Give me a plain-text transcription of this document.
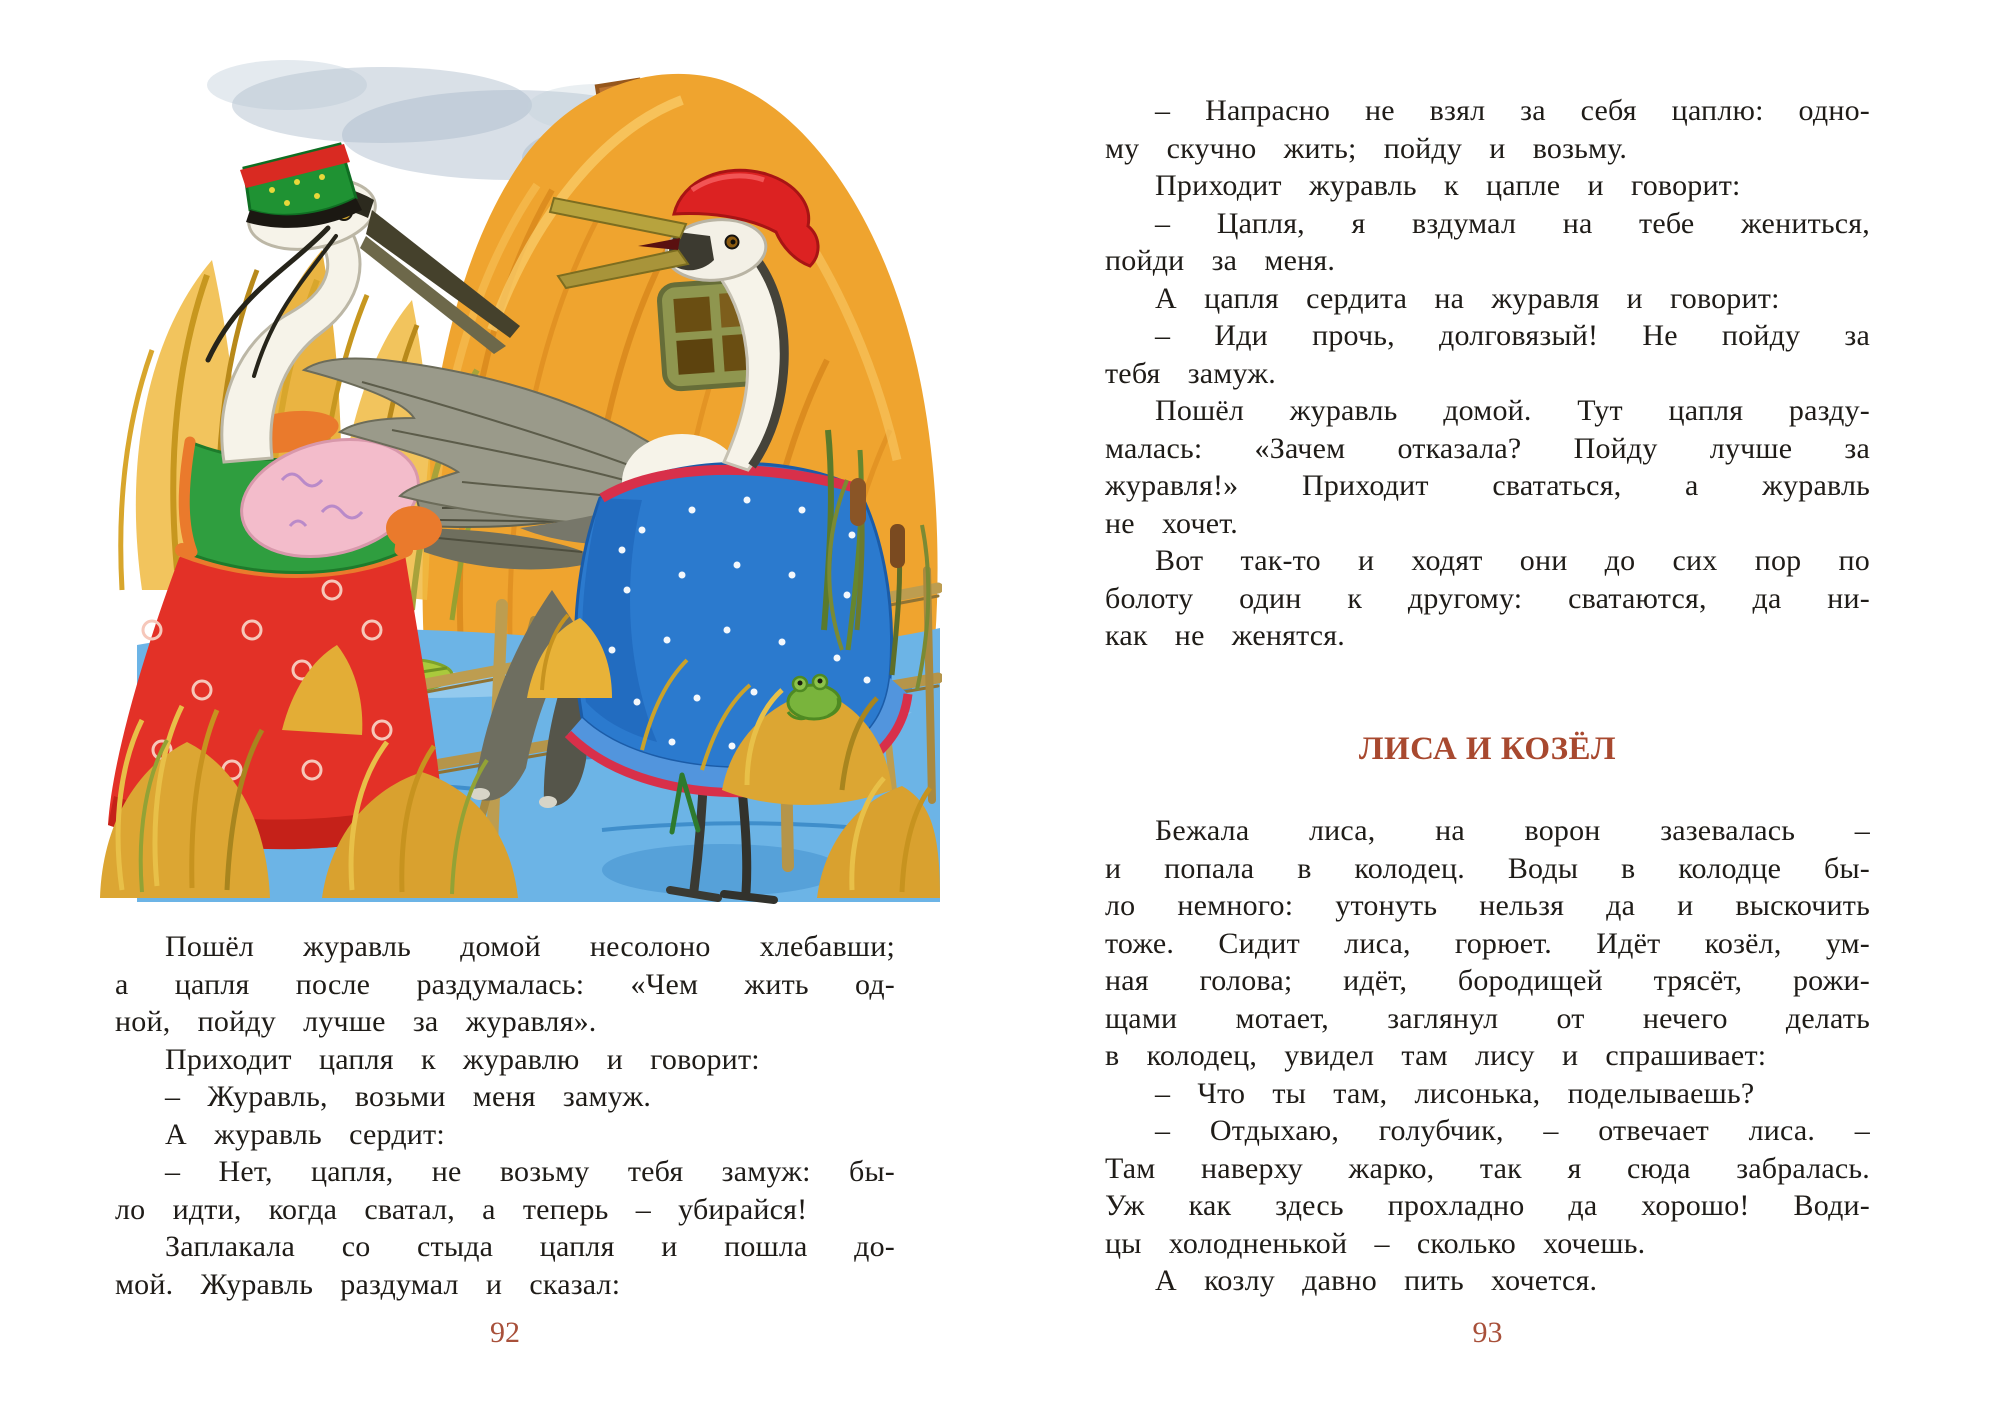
Пошёл журавль домой несолоно хлебавши;
а цапля после раздумалась: «Чем жить од-
ной, пойду лучше за журавля».
Приходит цапля к журавлю и говорит:
– Журавль, возьми меня замуж.
А журавль сердит:
– Нет, цапля, не возьму тебя замуж: бы-
ло идти, когда сватал, а теперь – убирайся!
Заплакала со стыда цапля и пошла до-
мой. Журавль раздумал и сказал:
92
– Напрасно не взял за себя цаплю: одно-
му скучно жить; пойду и возьму.
Приходит журавль к цапле и говорит:
– Цапля, я вздумал на тебе жениться,
пойди за меня.
А цапля сердита на журавля и говорит:
– Иди прочь, долговязый! Не пойду за
тебя замуж.
Пошёл журавль домой. Тут цапля разду-
малась: «Зачем отказала? Пойду лучше за
журавля!» Приходит свататься, а журавль
не хочет.
Вот так-то и ходят они до сих пор по
болоту один к другому: сватаются, да ни-
как не женятся.
ЛИСА И КОЗЁЛ
Бежала лиса, на ворон зазевалась –
и попала в колодец. Воды в колодце бы-
ло немного: утонуть нельзя да и выскочить
тоже. Сидит лиса, горюет. Идёт козёл, ум-
ная голова; идёт, бородищей трясёт, рожи-
щами мотает, заглянул от нечего делать
в колодец, увидел там лису и спрашивает:
– Что ты там, лисонька, поделываешь?
– Отдыхаю, голубчик, – отвечает лиса. –
Там наверху жарко, так я сюда забралась.
Уж как здесь прохладно да хорошо! Води-
цы холодненькой – сколько хочешь.
А козлу давно пить хочется.
93
